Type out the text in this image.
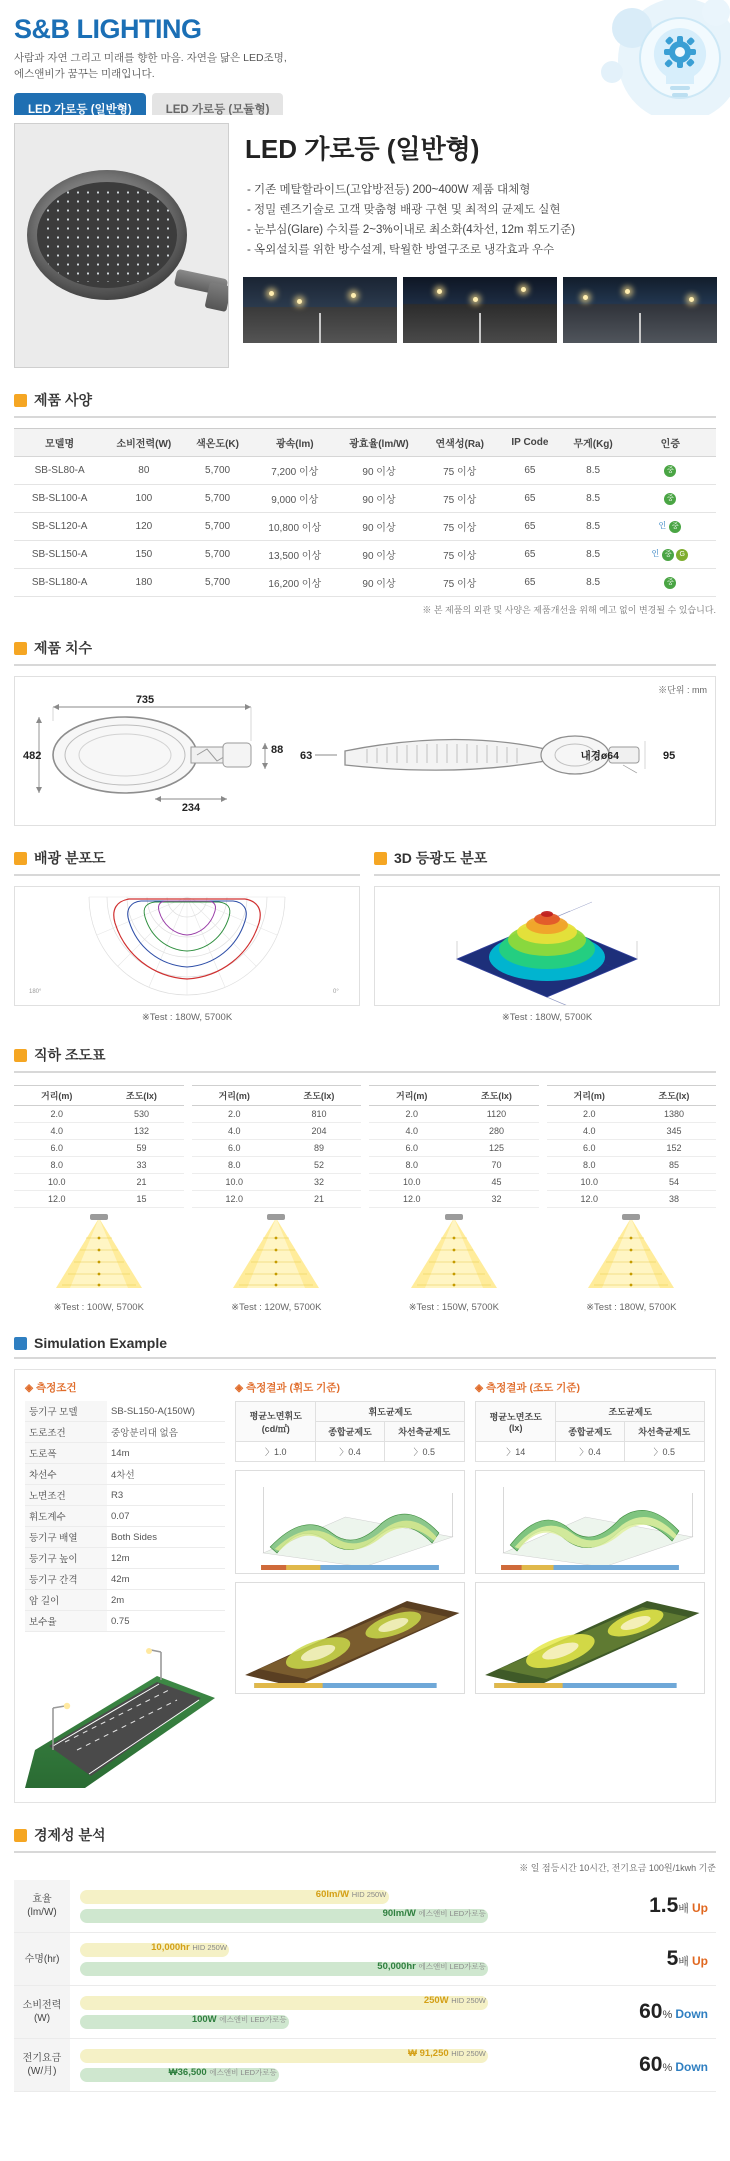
S&B LIGHTING
사람과 자연 그리고 미래를 향한 마음. 자연을 닮은 LED조명,
에스앤비가 꿈꾸는 미래입니다.
LED 가로등 (일반형)	LED 가로등 (모듈형)
LED 가로등 (일반형)
- 기존 메탈할라이드(고압방전등) 200~400W 제품 대체형
- 정밀 렌즈기술로 고객 맞춤형 배광 구현 및 최적의 균제도 실현
- 눈부심(Glare) 수치를 2~3%이내로 최소화(4차선, 12m 휘도기준)
- 옥외설치를 위한 방수설계, 탁월한 방열구조로 냉각효과 우수
제품 사양
모델명	소비전력(W)	색온도(K)	광속(lm)	광효율(lm/W)	연색성(Ra)	IP Code	무게(Kg)	인증
SB-SL80-A	80	5,700	7,200 이상	90 이상	75 이상	65	8.5	중
SB-SL100-A	100	5,700	9,000 이상	90 이상	75 이상	65	8.5	중
SB-SL120-A	120	5,700	10,800 이상	90 이상	75 이상	65	8.5	인 중
SB-SL150-A	150	5,700	13,500 이상	90 이상	75 이상	65	8.5	인 중 G
SB-SL180-A	180	5,700	16,200 이상	90 이상	75 이상	65	8.5	중
※ 본 제품의 외관 및 사양은 제품개선을 위해 예고 없이 변경될 수 있습니다.
제품 치수
※단위 : mm
735
482
234
88 63	내경ø64	95
배광 분포도
180°	0°
※Test : 180W, 5700K
3D 등광도 분포
※Test : 180W, 5700K
직하 조도표
거리(m)	조도(lx)
2.0	530
4.0	132
6.0	59
8.0	33
10.0	21
12.0	15
※Test : 100W, 5700K
거리(m)	조도(lx)
2.0	810
4.0	204
6.0	89
8.0	52
10.0	32
12.0	21
※Test : 120W, 5700K
거리(m)	조도(lx)
2.0	1120
4.0	280
6.0	125
8.0	70
10.0	45
12.0	32
※Test : 150W, 5700K
거리(m)	조도(lx)
2.0	1380
4.0	345
6.0	152
8.0	85
10.0	54
12.0	38
※Test : 180W, 5700K
Simulation Example
◈ 측정조건
등기구 모델	SB-SL150-A(150W)
도로조건	중앙분리대 없음
도로폭	14m
차선수	4차선
노면조건	R3
휘도계수	0.07
등기구 배열	Both Sides
등기구 높이	12m
등기구 간격	42m
암 길이	2m
보수율	0.75
◈ 측정결과 (휘도 기준)
평균노면휘도
(cd/㎡)	휘도균제도	
	종합균제도	차선축균제도
〉1.0	〉0.4	〉0.5
◈ 측정결과 (조도 기준)
평균노면조도
(lx)	조도균제도	
	종합균제도	차선축균제도
〉14	〉0.4	〉0.5
경제성 분석
※ 일 점등시간 10시간, 전기요금 100원/1kwh 기준
효율
(lm/W)	
60lm/W HID 250W
90lm/W 에스앤비 LED가로등	1.5배 Up
수명(hr)	10,000hr HID 250W
50,000hr 에스앤비 LED가로등	5배 Up
소비전력
(W)	
250W HID 250W
100W 에스앤비 LED가로등	60% Down
전기요금
(W/月)	
₩ 91,250 HID 250W
₩36,500 에스앤비 LED가로등	60% Down
